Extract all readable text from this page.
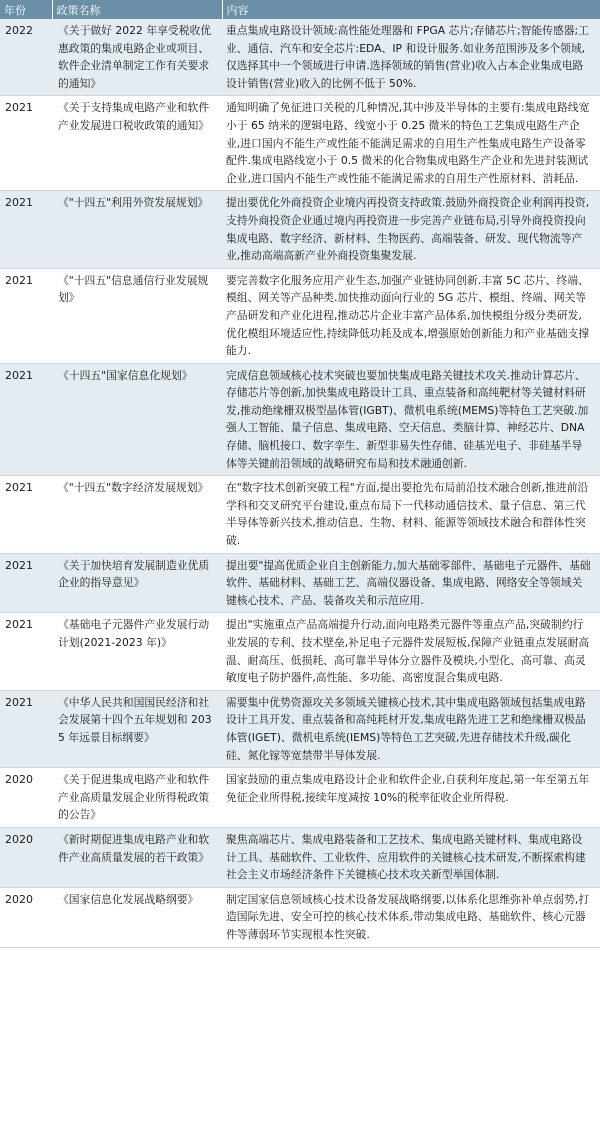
年份	政策名称	内容
2022	《关于做好 2022 年享受税收优惠政策的集成电路企业或项目、软件企业清单制定工作有关要求的通知》	重点集成电路设计领域:高性能处理器和 FPGA 芯片;存储芯片;智能传感器;工业、通信、汽车和安全芯片:EDA、IP 和设计服务.如业务范围涉及多个领域,仅选择其中一个领域进行申请.选择领域的销售(营业)收入占本企业集成电路设计销售(营业)收入的比例不低于 50%.
2021	《关于支持集成电路产业和软件产业发展进口税收政策的通知》	通知明确了免征进口关税的几种情况,其中涉及半导体的主要有:集成电路线宽小于 65 纳米的逻辑电路、线宽小于 0.25 微米的特色工艺集成电路生产企业,进口国内不能生产或性能不能满足需求的自用生产性集成电路生产设备零配件.集成电路线宽小于 0.5 微米的化合物集成电路生产企业和先进封装测试企业,进口国内不能生产或性能不能满足需求的自用生产性原材料、消耗品.
2021	《"十四五"利用外资发展规划》	提出要优化外商投资企业境内再投资支持政策.鼓励外商投资企业利润再投资,支持外商投资企业通过境内再投资进一步完善产业链布局,引导外商投资投向集成电路、数字经济、新材料、生物医药、高端装备、研发、现代物流等产业,推动高端高新产业外商投资集聚发展.
2021	《"十四五"信息通信行业发展规划》	要完善数字化服务应用产业生态,加强产业链协同创新.丰富 5C 芯片、终端、模组、网关等产品种类.加快推动面向行业的 5G 芯片、模组、终端、网关等产品研发和产业化进程,推动芯片企业丰富产品体系,加快模组分级分类研发,优化模组环境适应性,持续降低功耗及成本,增强原始创新能力和产业基础支撑能力.
2021	《十四五"国家信息化规划》	完成信息领域核心技术突破也要加快集成电路关键技术攻关.推动计算芯片、存储芯片等创新,加快集成电路设计工具、重点装备和高纯靶材等关键材料研发,推动绝缘栅双极型晶体管(IGBT)、微机电系统(MEMS)等特色工艺突破.加强人工智能、量子信息、集成电路、空天信息、类脑计算、神经芯片、DNA 存储、脑机接口、数字孪生、新型非易失性存储、硅基光电子、非硅基半导体等关键前沿领域的战略研究布局和技术融通创新.
2021	《"十四五"数字经济发展规划》	在"数字技术创新突破工程"方面,提出要抢先布局前沿技术融合创新,推进前沿学科和交叉研究平台建设,重点布局下一代移动通信技术、量子信息、第三代半导体等新兴技术,推动信息、生物、材料、能源等领域技术融合和群体性突破.
2021	《关于加快培育发展制造业优质企业的指导意见》	提出要"提高优质企业自主创新能力,加大基础零部件、基础电子元器件、基础软件、基础材料、基础工艺、高端仪器设备、集成电路、网络安全等领域关键核心技术、产品、装备攻关和示范应用.
2021	《基础电子元器件产业发展行动计划(2021-2023 年)》	提出"实施重点产品高端提升行动,面向电路类元器件等重点产品,突破制约行业发展的专利、技术壁垒,补足电子元器件发展短板,保障产业链重点发展耐高温、耐高压、低损耗、高可靠半导体分立器件及模块,小型化、高可靠、高灵敏度电子防护器件,高性能、多功能、高密度混合集成电路.
2021	《中华人民共和国国民经济和社会发展第十四个五年规划和 2035 年远景目标纲要》	需要集中优势资源攻关多领域关键核心技术,其中集成电路领域包括集成电路设计工具开发、重点装备和高纯耗材开发,集成电路先进工艺和绝缘栅双极晶体管(IGET)、微机电系统(IEMS)等特色工艺突破,先进存储技术升级,碳化硅、氮化镓等宽禁带半导体发展.
2020	《关于促进集成电路产业和软件产业高质量发展企业所得税政策的公告》	国家鼓励的重点集成电路设计企业和软件企业,自获利年度起,第一年至第五年免征企业所得税,接续年度减按 10%的税率征收企业所得税.
2020	《新时期促进集成电路产业和软件产业高质量发展的若干政策》	聚焦高端芯片、集成电路装备和工艺技术、集成电路关键材料、集成电路设计工具、基础软件、工业软件、应用软件的关键核心技术研发,不断探索构建社会主义市场经济条件下关键核心技术攻关新型举国体制.
2020	《国家信息化发展战略纲要》	制定国家信息领域核心技术设备发展战略纲要,以体系化思维弥补单点弱势,打造国际先进、安全可控的核心技术体系,带动集成电路、基础软件、核心元器件等薄弱环节实现根本性突破.
